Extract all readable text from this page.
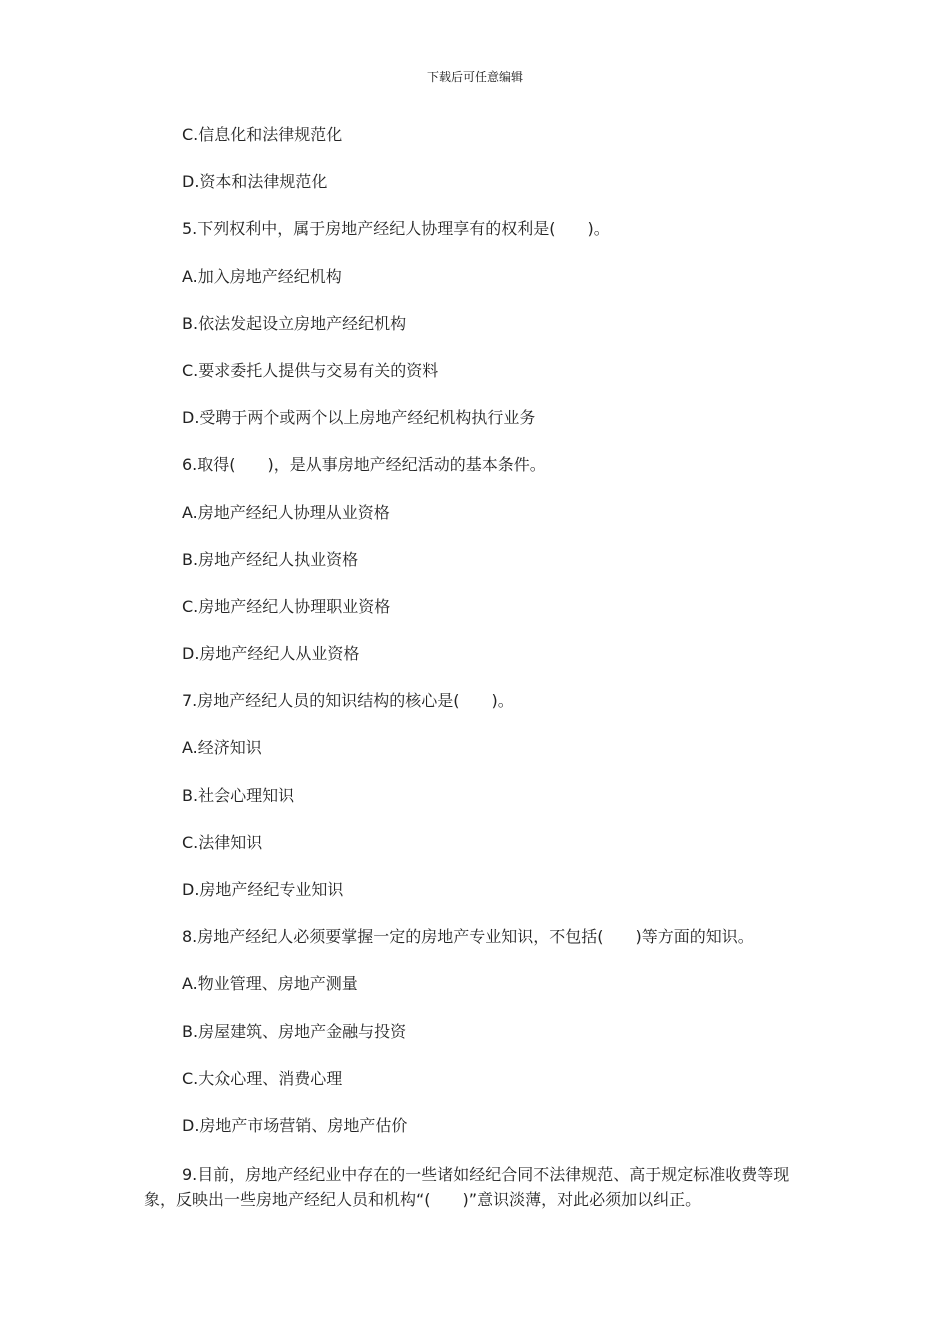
下载后可任意编辑
C.信息化和法律规范化
D.资本和法律规范化
5.下列权利中，属于房地产经纪人协理享有的权利是(　　)。
A.加入房地产经纪机构
B.依法发起设立房地产经纪机构
C.要求委托人提供与交易有关的资料
D.受聘于两个或两个以上房地产经纪机构执行业务
6.取得(　　)，是从事房地产经纪活动的基本条件。
A.房地产经纪人协理从业资格
B.房地产经纪人执业资格
C.房地产经纪人协理职业资格
D.房地产经纪人从业资格
7.房地产经纪人员的知识结构的核心是(　　)。
A.经济知识
B.社会心理知识
C.法律知识
D.房地产经纪专业知识
8.房地产经纪人必须要掌握一定的房地产专业知识，不包括(　　)等方面的知识。
A.物业管理、房地产测量
B.房屋建筑、房地产金融与投资
C.大众心理、消费心理
D.房地产市场营销、房地产估价

9.目前，房地产经纪业中存在的一些诸如经纪合同不法律规范、高于规定标准收费等现象，反映出一些房地产经纪人员和机构“(　　)”意识淡薄，对此必须加以纠正。
